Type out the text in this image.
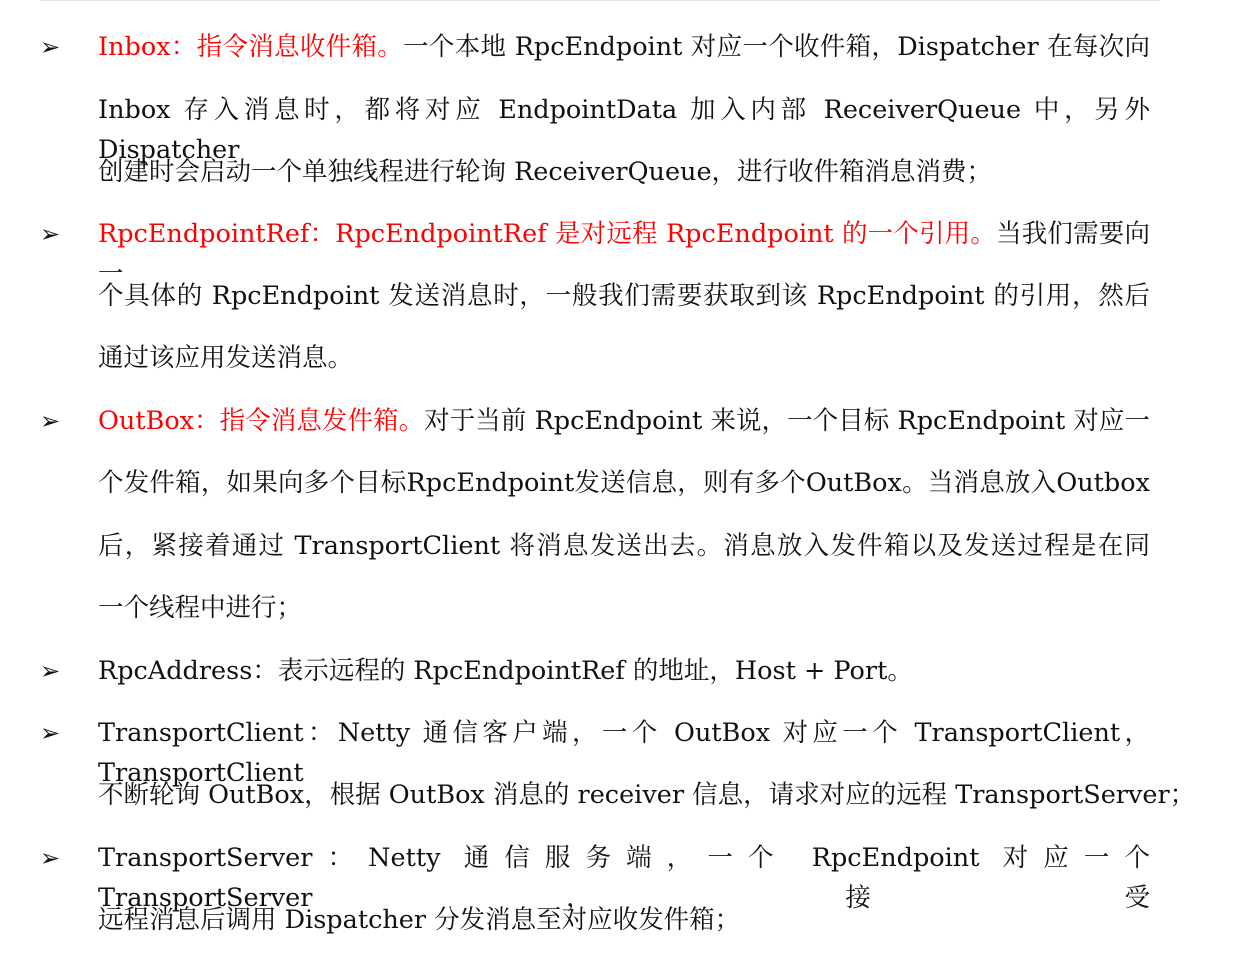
➢	Inbox：指令消息收件箱。一个本地 RpcEndpoint 对应一个收件箱，Dispatcher 在每次向
Inbox 存入消息时，都将对应 EndpointData 加入内部 ReceiverQueue 中，另外 Dispatcher
创建时会启动一个单独线程进行轮询 ReceiverQueue，进行收件箱消息消费；
➢	RpcEndpointRef：RpcEndpointRef 是对远程 RpcEndpoint 的一个引用。当我们需要向一
个具体的 RpcEndpoint 发送消息时，一般我们需要获取到该 RpcEndpoint 的引用，然后
通过该应用发送消息。
➢	OutBox：指令消息发件箱。对于当前 RpcEndpoint 来说，一个目标 RpcEndpoint 对应一
个发件箱，如果向多个目标RpcEndpoint发送信息，则有多个OutBox。当消息放入Outbox
后，紧接着通过 TransportClient 将消息发送出去。消息放入发件箱以及发送过程是在同
一个线程中进行；
➢	RpcAddress：表示远程的 RpcEndpointRef 的地址，Host + Port。
➢	TransportClient：Netty 通信客户端，一个 OutBox 对应一个 TransportClient，TransportClient
不断轮询 OutBox，根据 OutBox 消息的 receiver 信息，请求对应的远程 TransportServer；
➢	TransportServer：Netty 通信服务端，一个 RpcEndpoint 对应一个 TransportServer，接受
远程消息后调用 Dispatcher 分发消息至对应收发件箱；
